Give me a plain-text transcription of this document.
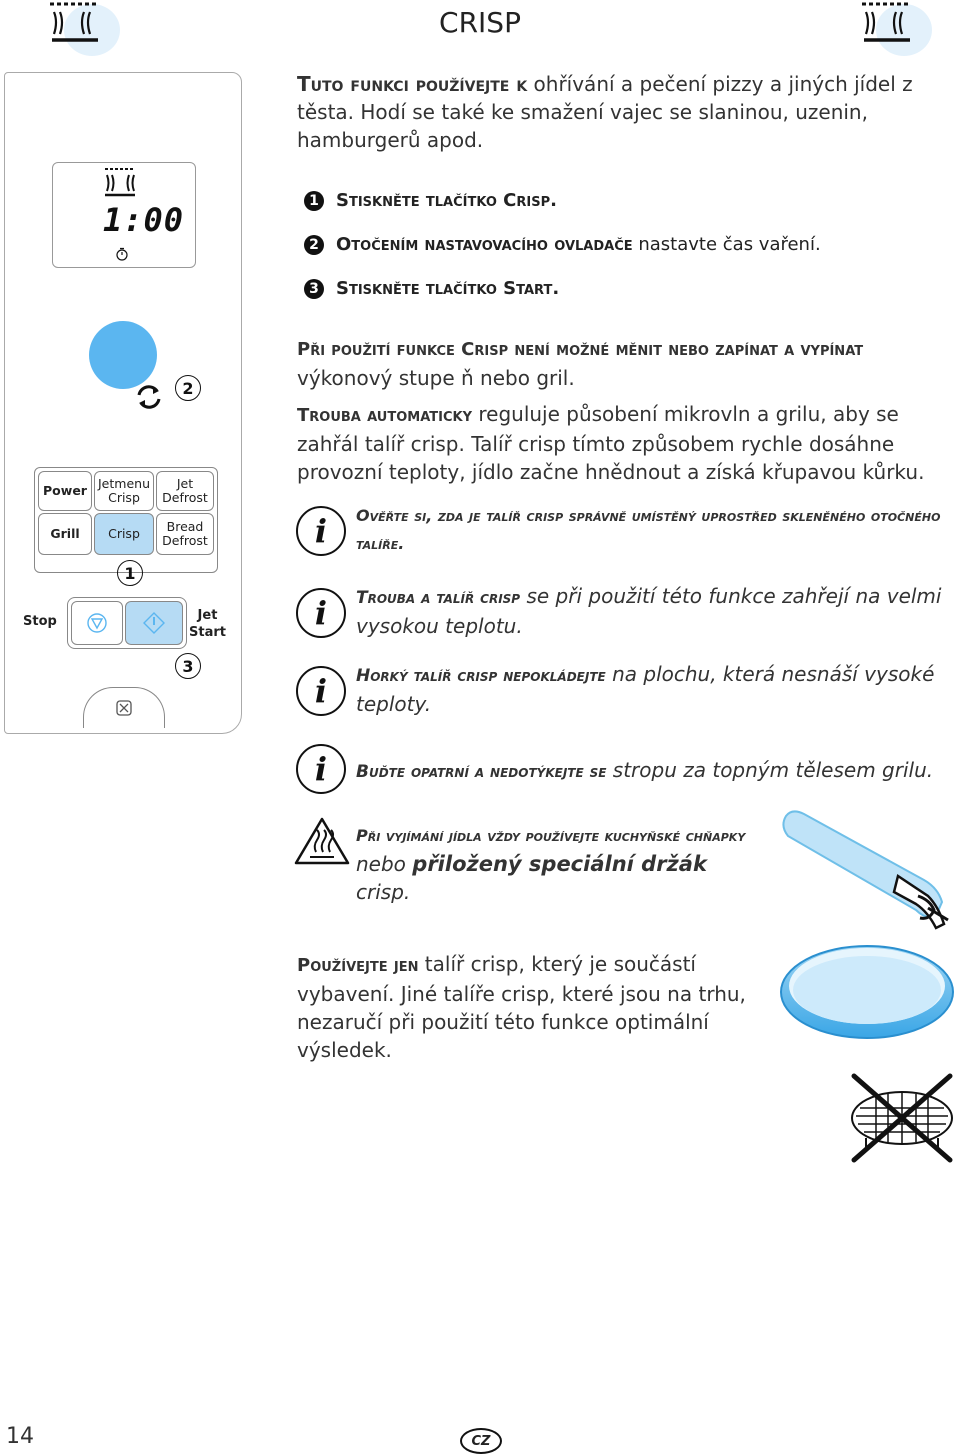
CRISP
1:00
2
Power Jetmenu
Crisp
Jet
Defrost
Grill Crisp Bread
Defrost
1
Stop	Jet
Start
3
Tuto funkci používejte k ohřívání a pečení pizzy a jiných jídel z těsta. Hodí se také ke smažení vajec se slaninou, uzenin, hamburgerů apod.
1 Stiskněte tlačítko Crisp.
2 Otočením nastavovacího ovladače nastavte čas vaření.
3 Stiskněte tlačítko Start.
Při použití funkce Crisp není možné měnit nebo zapínat a vypínat výkonový stupe ň nebo gril.
Trouba automaticky reguluje působení mikrovln a grilu, aby se zahřál talíř crisp. Talíř crisp tímto způsobem rychle dosáhne provozní teploty, jídlo začne hnědnout a získá křupavou kůrku.
i	Ověřte si, zda je talíř crisp správně umístěný uprostřed skleněného otočného talíře.
i	Trouba a talíř crisp se při použití této funkce zahřejí na velmi vysokou teplotu.
i	Horký talíř crisp nepokládejte na plochu, která nesnáší vysoké teploty.
i	Buďte opatrní a nedotýkejte se stropu za topným tělesem grilu.
Při vyjímání jídla vždy používejte kuchyňské chňapky nebo přiložený speciální držák crisp.
Používejte jen talíř crisp, který je součástí vybavení. Jiné talíře crisp, které jsou na trhu, nezaručí při použití této funkce optimální výsledek.
14	CZ
